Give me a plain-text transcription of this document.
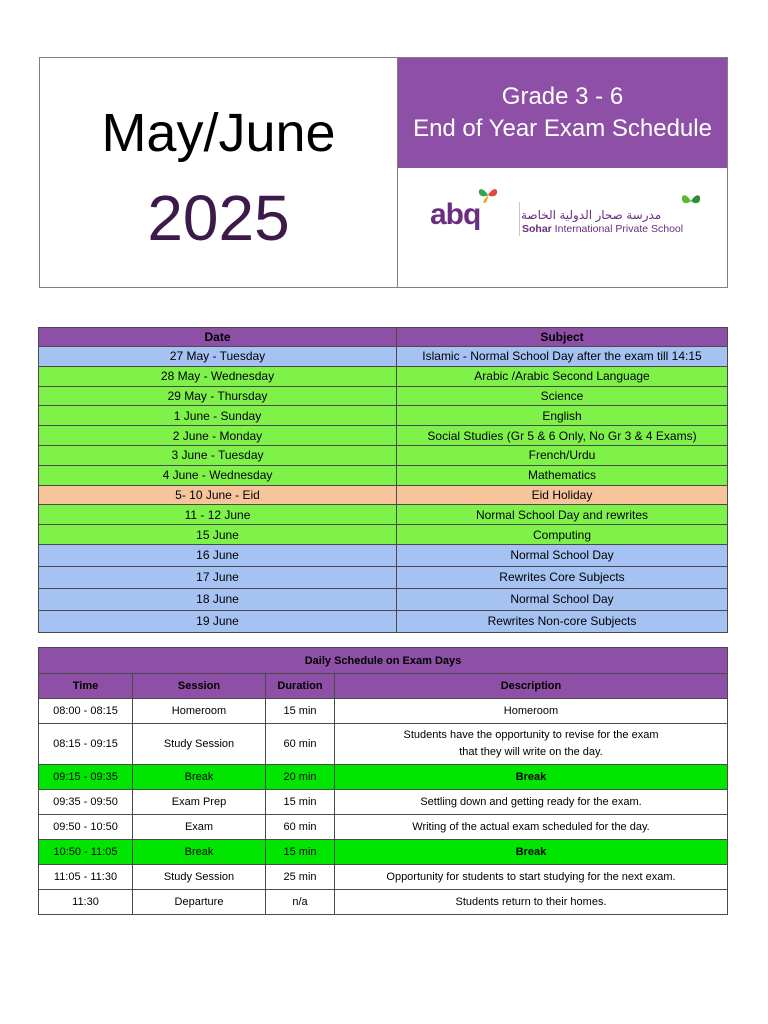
May/June
2025
Grade 3 - 6
End of Year Exam Schedule
abq	مدرسة صحار الدولية الخاصة
Sohar International Private School
Date	Subject
27 May - Tuesday	Islamic - Normal School Day after the exam till 14:15
28 May - Wednesday	Arabic /Arabic Second Language
29 May - Thursday	Science
1 June - Sunday	English
2 June - Monday	Social Studies (Gr 5 & 6 Only, No Gr 3 & 4 Exams)
3 June - Tuesday	French/Urdu
4 June - Wednesday	Mathematics
5- 10 June - Eid	Eid Holiday
11 - 12 June	Normal School Day and rewrites
15 June	Computing
16 June	Normal School Day
17 June	Rewrites Core Subjects
18 June	Normal School Day
19 June	Rewrites Non-core Subjects
Daily Schedule on Exam Days			
Time	Session	Duration	Description
08:00 - 08:15	Homeroom	15 min	Homeroom
08:15 - 09:15	Study Session	60 min	Students have the opportunity to revise for the exam
that they will write on the day.

09:15 - 09:35	Break	20 min	Break
09:35 - 09:50	Exam Prep	15 min	Settling down and getting ready for the exam.
09:50 - 10:50	Exam	60 min	Writing of the actual exam scheduled for the day.
10:50 - 11:05	Break	15 min	Break
11:05 - 11:30	Study Session	25 min	Opportunity for students to start studying for the next exam.
11:30	Departure	n/a	Students return to their homes.
